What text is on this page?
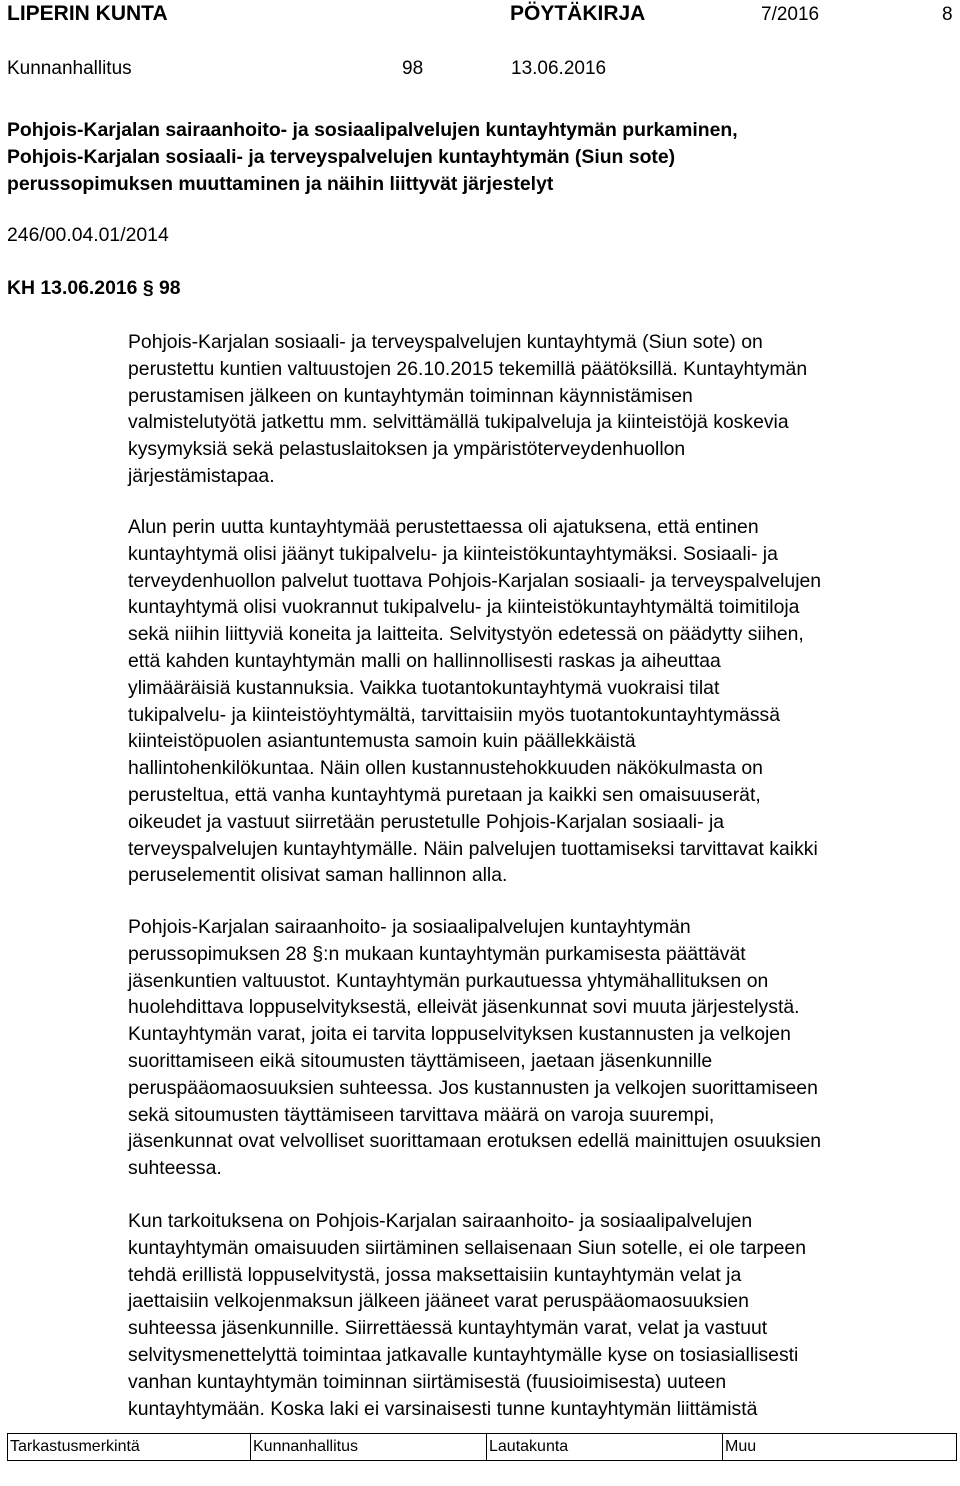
LIPERIN KUNTA	PÖYTÄKIRJA	7/2016	8
Kunnanhallitus	98	13.06.2016
Pohjois-Karjalan sairaanhoito- ja sosiaalipalvelujen kuntayhtymän purkaminen,
Pohjois-Karjalan sosiaali- ja terveyspalvelujen kuntayhtymän (Siun sote)
perussopimuksen muuttaminen ja näihin liittyvät järjestelyt
246/00.04.01/2014
KH 13.06.2016 § 98

Pohjois-Karjalan sosiaali- ja terveyspalvelujen kuntayhtymä (Siun sote) on
perustettu kuntien valtuustojen 26.10.2015 tekemillä päätöksillä. Kuntayhtymän
perustamisen jälkeen on kuntayhtymän toiminnan käynnistämisen
valmistelutyötä jatkettu mm. selvittämällä tukipalveluja ja kiinteistöjä koskevia
kysymyksiä sekä pelastuslaitoksen ja ympäristöterveydenhuollon
järjestämistapaa.

Alun perin uutta kuntayhtymää perustettaessa oli ajatuksena, että entinen
kuntayhtymä olisi jäänyt tukipalvelu- ja kiinteistökuntayhtymäksi. Sosiaali- ja
terveydenhuollon palvelut tuottava Pohjois-Karjalan sosiaali- ja terveyspalvelujen
kuntayhtymä olisi vuokrannut tukipalvelu- ja kiinteistökuntayhtymältä toimitiloja
sekä niihin liittyviä koneita ja laitteita. Selvitystyön edetessä on päädytty siihen,
että kahden kuntayhtymän malli on hallinnollisesti raskas ja aiheuttaa
ylimääräisiä kustannuksia. Vaikka tuotantokuntayhtymä vuokraisi tilat
tukipalvelu- ja kiinteistöyhtymältä, tarvittaisiin myös tuotantokuntayhtymässä
kiinteistöpuolen asiantuntemusta samoin kuin päällekkäistä
hallintohenkilökuntaa. Näin ollen kustannustehokkuuden näkökulmasta on
perusteltua, että vanha kuntayhtymä puretaan ja kaikki sen omaisuuserät,
oikeudet ja vastuut siirretään perustetulle Pohjois-Karjalan sosiaali- ja
terveyspalvelujen kuntayhtymälle. Näin palvelujen tuottamiseksi tarvittavat kaikki
peruselementit olisivat saman hallinnon alla.

Pohjois-Karjalan sairaanhoito- ja sosiaalipalvelujen kuntayhtymän
perussopimuksen 28 §:n mukaan kuntayhtymän purkamisesta päättävät
jäsenkuntien valtuustot. Kuntayhtymän purkautuessa yhtymähallituksen on
huolehdittava loppuselvityksestä, elleivät jäsenkunnat sovi muuta järjestelystä.
Kuntayhtymän varat, joita ei tarvita loppuselvityksen kustannusten ja velkojen
suorittamiseen eikä sitoumusten täyttämiseen, jaetaan jäsenkunnille
peruspääomaosuuksien suhteessa. Jos kustannusten ja velkojen suorittamiseen
sekä sitoumusten täyttämiseen tarvittava määrä on varoja suurempi,
jäsenkunnat ovat velvolliset suorittamaan erotuksen edellä mainittujen osuuksien
suhteessa.

Kun tarkoituksena on Pohjois-Karjalan sairaanhoito- ja sosiaalipalvelujen
kuntayhtymän omaisuuden siirtäminen sellaisenaan Siun sotelle, ei ole tarpeen
tehdä erillistä loppuselvitystä, jossa maksettaisiin kuntayhtymän velat ja
jaettaisiin velkojenmaksun jälkeen jääneet varat peruspääomaosuuksien
suhteessa jäsenkunnille. Siirrettäessä kuntayhtymän varat, velat ja vastuut
selvitysmenettelyttä toimintaa jatkavalle kuntayhtymälle kyse on tosiasiallisesti
vanhan kuntayhtymän toiminnan siirtämisestä (fuusioimisesta) uuteen
kuntayhtymään. Koska laki ei varsinaisesti tunne kuntayhtymän liittämistä

Tarkastusmerkintä	Kunnanhallitus	Lautakunta	Muu
